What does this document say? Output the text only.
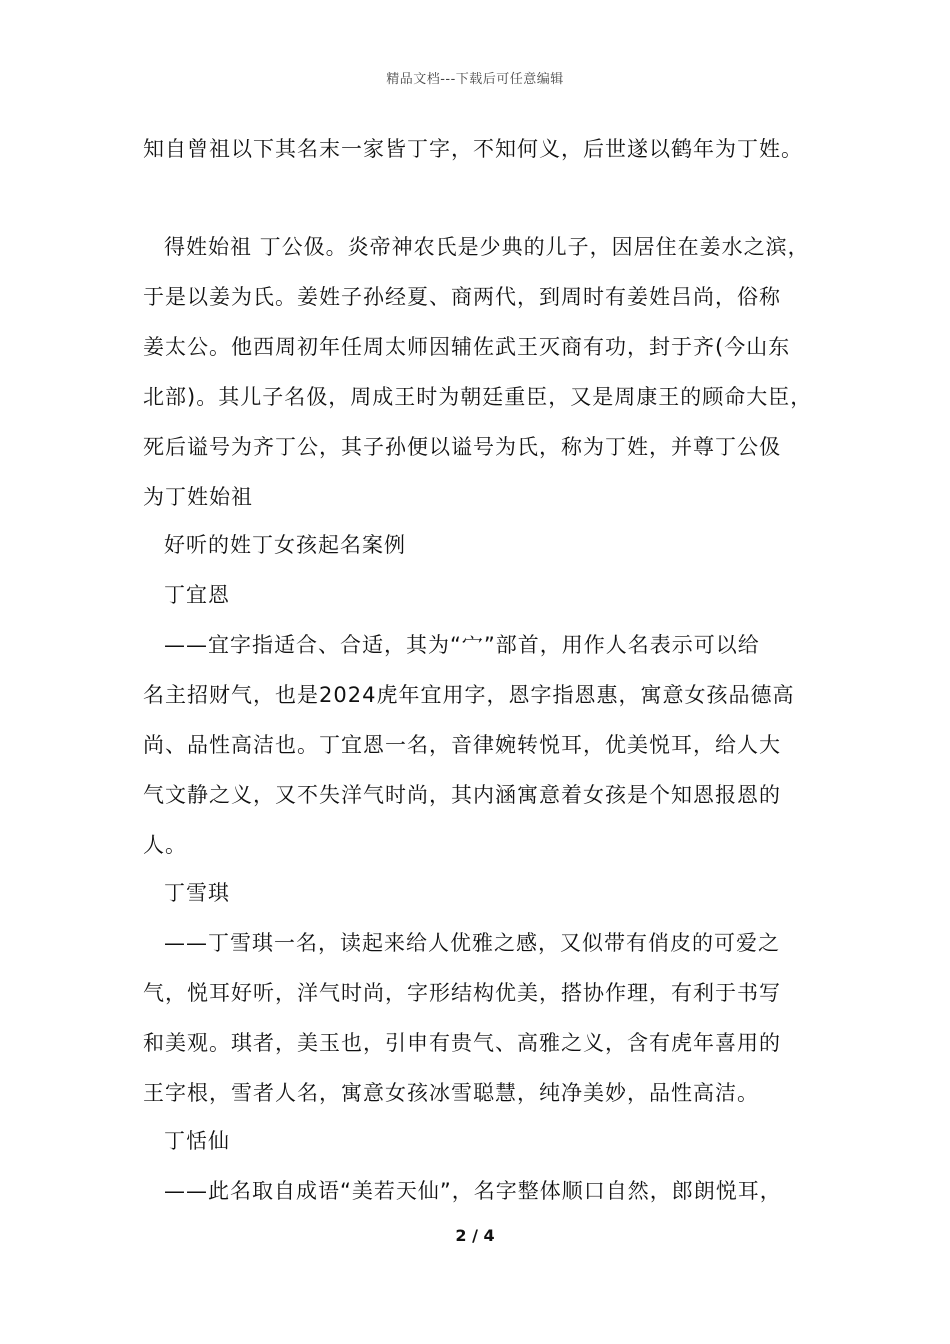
精品文档---下载后可任意编辑
知自曾祖以下其名末一家皆丁字，不知何义，后世遂以鹤年为丁姓。
得姓始祖 丁公伋。炎帝神农氏是少典的儿子，因居住在姜水之滨，
于是以姜为氏。姜姓子孙经夏、商两代，到周时有姜姓吕尚，俗称
姜太公。他西周初年任周太师因辅佐武王灭商有功，封于齐(今山东
北部)。其儿子名伋，周成王时为朝廷重臣，又是周康王的顾命大臣，
死后谥号为齐丁公，其子孙便以谥号为氏，称为丁姓，并尊丁公伋
为丁姓始祖
好听的姓丁女孩起名案例
丁宜恩
——宜字指适合、合适，其为“宀”部首，用作人名表示可以给
名主招财气，也是2024虎年宜用字，恩字指恩惠，寓意女孩品德高
尚、品性高洁也。丁宜恩一名，音律婉转悦耳，优美悦耳，给人大
气文静之义，又不失洋气时尚，其内涵寓意着女孩是个知恩报恩的
人。
丁雪琪
——丁雪琪一名，读起来给人优雅之感，又似带有俏皮的可爱之
气，悦耳好听，洋气时尚，字形结构优美，搭协作理，有利于书写
和美观。琪者，美玉也，引申有贵气、高雅之义，含有虎年喜用的
王字根，雪者人名，寓意女孩冰雪聪慧，纯净美妙，品性高洁。
丁恬仙
——此名取自成语“美若天仙”，名字整体顺口自然，郎朗悦耳，
2 / 4
